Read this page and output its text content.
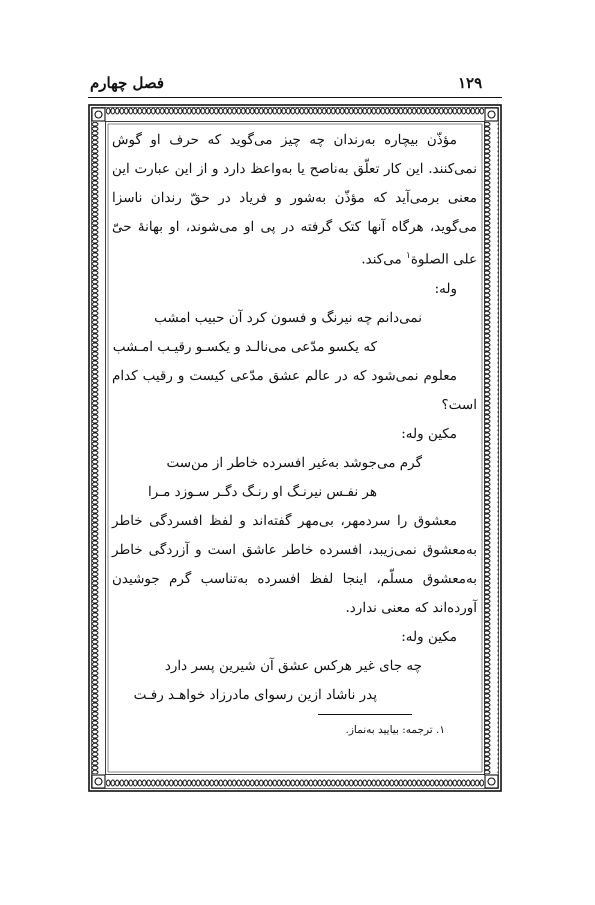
۱۲۹
فصل چهارم

مؤذّن بیچاره به‌رندان چه چیز می‌گوید که حرف او گوش نمی‌کنند. این کار تعلّق به‌ناصح یا به‌واعظ دارد و از این عبارت این معنی برمی‌آید که مؤذّن به‌شور و فریاد در حقّ رندان ناسزا می‌گوید، هرگاه آنها کتک گرفته در پی او می‌شوند، او بهانهٔ حیّ علی الصلوة$^۱$ می‌کند.

وله:

نمی‌دانم چه نیرنگ و فسون کرد آن حبیب امشب

که یکسو مدّعی می‌نالـد و یکسـو رقیـب امـشب

معلوم نمی‌شود که در عالم عشق مدّعی کیست و رقیب کدام است؟

مکین وله:

گرم می‌جوشد به‌غیر افسرده خاطر از من‌ست

هر نفـس نیرنـگ او رنـگ دگـر سـوزد مـرا

معشوق را سردمهر، بی‌مهر گفته‌اند و لفظ افسردگی خاطر به‌معشوق نمی‌زیبد، افسرده خاطر عاشق است و آزردگی خاطر به‌معشوق مسلّم، اینجا لفظ افسرده به‌تناسب گرم جوشیدن آورده‌اند که معنی ندارد.

مکین وله:

چه جای غیر هرکس عشق آن شیرین پسر دارد

پدر ناشاد ازین رسوای مادرزاد خواهـد رفـت

۱. ترجمه: بیایید به‌نماز.
